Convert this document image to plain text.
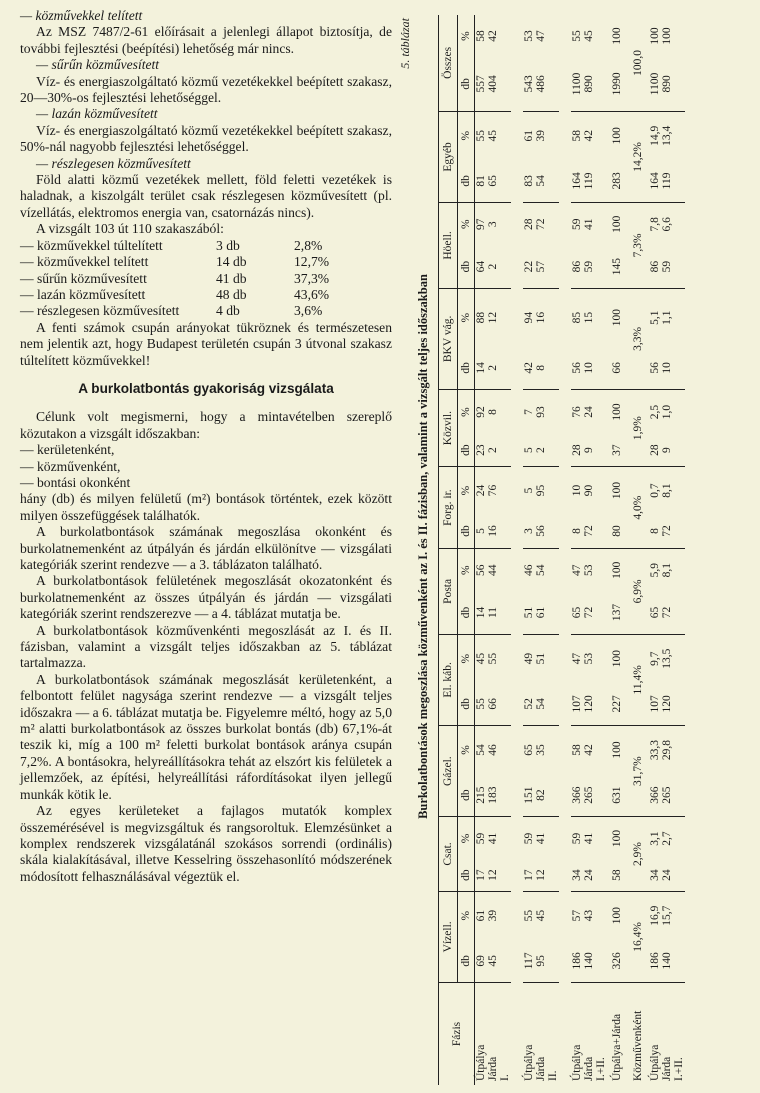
— közművekkel telített

Az MSZ 7487/2-61 előírásait a jelenlegi állapot biztosítja, de további fejlesztési (beépítési) lehetőség már nincs.

— sűrűn közművesített

Víz- és energiaszolgáltató közmű vezetékekkel beépített szakasz, 20—30%-os fejlesztési lehetőséggel.

— lazán közművesített

Víz- és energiaszolgáltató közmű vezetékekkel beépített szakasz, 50%-nál nagyobb fejlesztési lehetőséggel.

— részlegesen közművesített

Föld alatti közmű vezetékek mellett, föld feletti vezetékek is haladnak, a kiszolgált terület csak részlegesen közművesített (pl. vízellátás, elektromos energia van, csatornázás nincs).

A vizsgált 103 út 110 szakaszából:

— közművekkel túltelített	3 db	2,8%
— közművekkel telített	14 db	12,7%
— sűrűn közművesített	41 db	37,3%
— lazán közművesített	48 db	43,6%
— részlegesen közművesített	4 db	3,6%

A fenti számok csupán arányokat tükröznek és természetesen nem jelentik azt, hogy Budapest területén csupán 3 útvonal szakasz túltelített közművekkel!

A burkolatbontás gyakoriság vizsgálata

Célunk volt megismerni, hogy a mintavételben szereplő közutakon a vizsgált időszakban:

— kerületenként,

— közművenként,

— bontási okonként

hány (db) és milyen felületű (m²) bontások történtek, ezek között milyen összefüggések találhatók.

A burkolatbontások számának megoszlása okonként és burkolatnemenként az útpályán és járdán elkülönítve — vizsgálati kategóriák szerint rendezve — a 3. táblázaton található.

A burkolatbontások felületének megoszlását okozatonként és burkolatnemenként az összes útpályán és járdán — vizsgálati kategóriák szerint rendszerezve — a 4. táblázat mutatja be.

A burkolatbontások közművenkénti megoszlását az I. és II. fázisban, valamint a vizsgált teljes időszakban az 5. táblázat tartalmazza.

A burkolatbontások számának megoszlását kerületenként, a felbontott felület nagysága szerint rendezve — a vizsgált teljes időszakra — a 6. táblázat mutatja be. Figyelemre méltó, hogy az 5,0 m² alatti burkolatbontások az összes burkolat bontás (db) 67,1%-át teszik ki, míg a 100 m² feletti burkolat bontások aránya csupán 7,2%. A bontásokra, helyreállításokra tehát az elszórt kis felületek a jellemzőek, az építési, helyreállítási ráfordításokat ilyen jellegű munkák kötik le.

Az egyes kerületeket a fajlagos mutatók komplex összemérésével is megvizsgáltuk és rangsoroltuk. Elemzésünket a komplex rendszerek vizsgálatánál szokásos sorrendi (ordinális) skála kialakításával, illetve Kesselring összehasonlító módszerének módosított felhasználásával végeztük el.

5. táblázat
Burkolatbontások megoszlása közművenként az I. és II. fázisban, valamint a vizsgált teljes időszakban
Fázis	Vízell.		Csat.		Gázel.		El. káb.		Posta		Forg. ir.		Közvil.		BKV vág.		Höell.		Egyéb		Összes	
	db	%	db	%	db	%	db	%	db	%	db	%	db	%	db	%	db	%	db	%	db	%
Útpálya	69	61	17	59	215	54	55	45	14	56	5	24	23	92	14	88	64	97	81	55	557	58
Járda	45	39	12	41	183	46	66	55	11	44	16	76	2	8	2	12	2	3	65	45	404	42
I.																						

Útpálya	117	55	17	59	151	65	52	49	51	46	3	5	5	7	42	94	22	28	83	61	543	53
Járda	95	45	12	41	82	35	54	51	61	54	56	95	2	93	8	16	57	72	54	39	486	47
II.																						

Útpálya	186	57	34	59	366	58	107	47	65	47	8	10	28	76	56	85	86	59	164	58	1100	55
Járda	140	43	24	41	265	42	120	53	72	53	72	90	9	24	10	15	59	41	119	42	890	45
I.+II.																						
Útpálya+Járda	326	100	58	100	631	100	227	100	137	100	80	100	37	100	66	100	145	100	283	100	1990	100
Közművenként	16,4%		2,9%		31,7%		11,4%		6,9%		4,0%		1,9%		3,3%		7,3%		14,2%		100,0	
Útpálya	186	16,9	34	3,1	366	33,3	107	9,7	65	5,9	8	0,7	28	2,5	56	5,1	86	7,8	164	14,9	1100	100
Járda	140	15,7	24	2,7	265	29,8	120	13,5	72	8,1	72	8,1	9	1,0	10	1,1	59	6,6	119	13,4	890	100
I.+II.																						
